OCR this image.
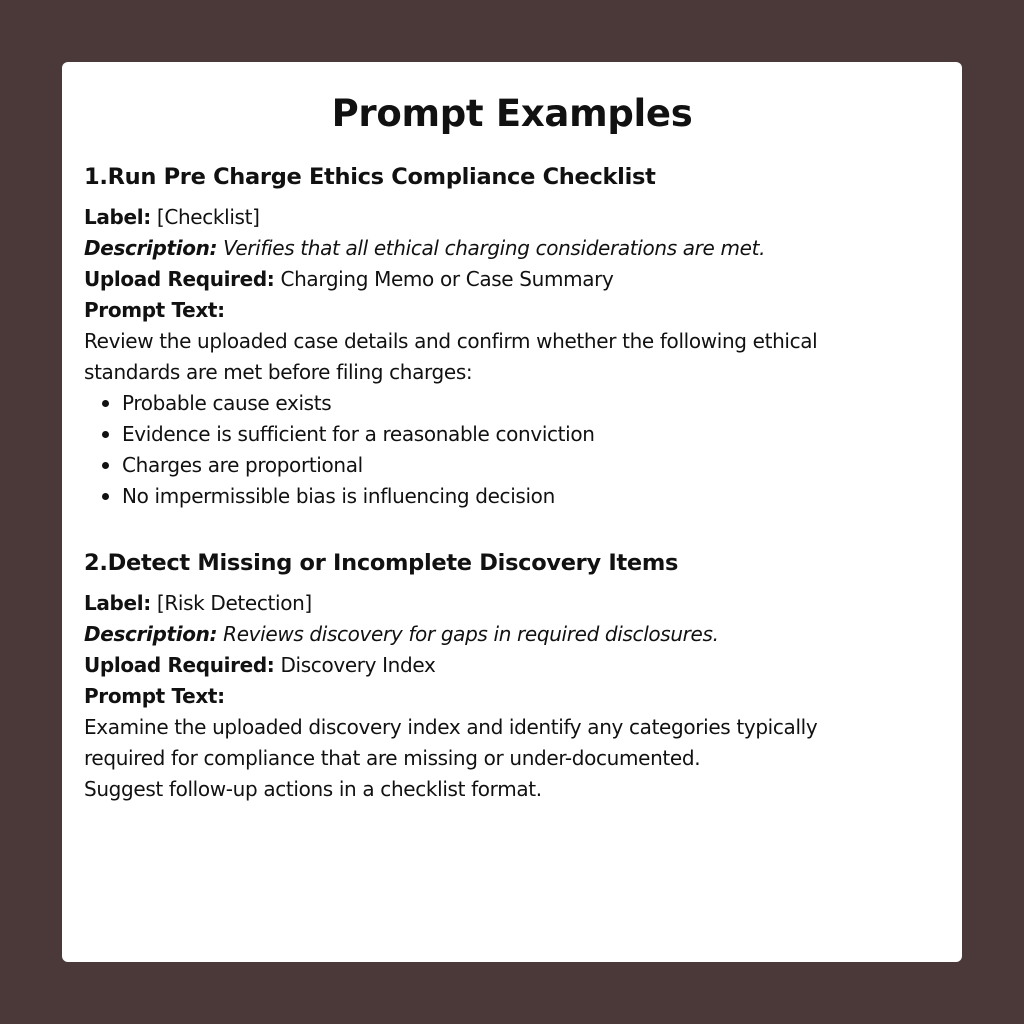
Prompt Examples
1.Run Pre Charge Ethics Compliance Checklist
Label: [Checklist]
Description: Verifies that all ethical charging considerations are met.
Upload Required: Charging Memo or Case Summary
Prompt Text:
Review the uploaded case details and confirm whether the following ethical
standards are met before filing charges:
Probable cause exists
Evidence is sufficient for a reasonable conviction
Charges are proportional
No impermissible bias is influencing decision
2.Detect Missing or Incomplete Discovery Items
Label: [Risk Detection]
Description: Reviews discovery for gaps in required disclosures.
Upload Required: Discovery Index
Prompt Text:
Examine the uploaded discovery index and identify any categories typically
required for compliance that are missing or under-documented.
Suggest follow-up actions in a checklist format.
